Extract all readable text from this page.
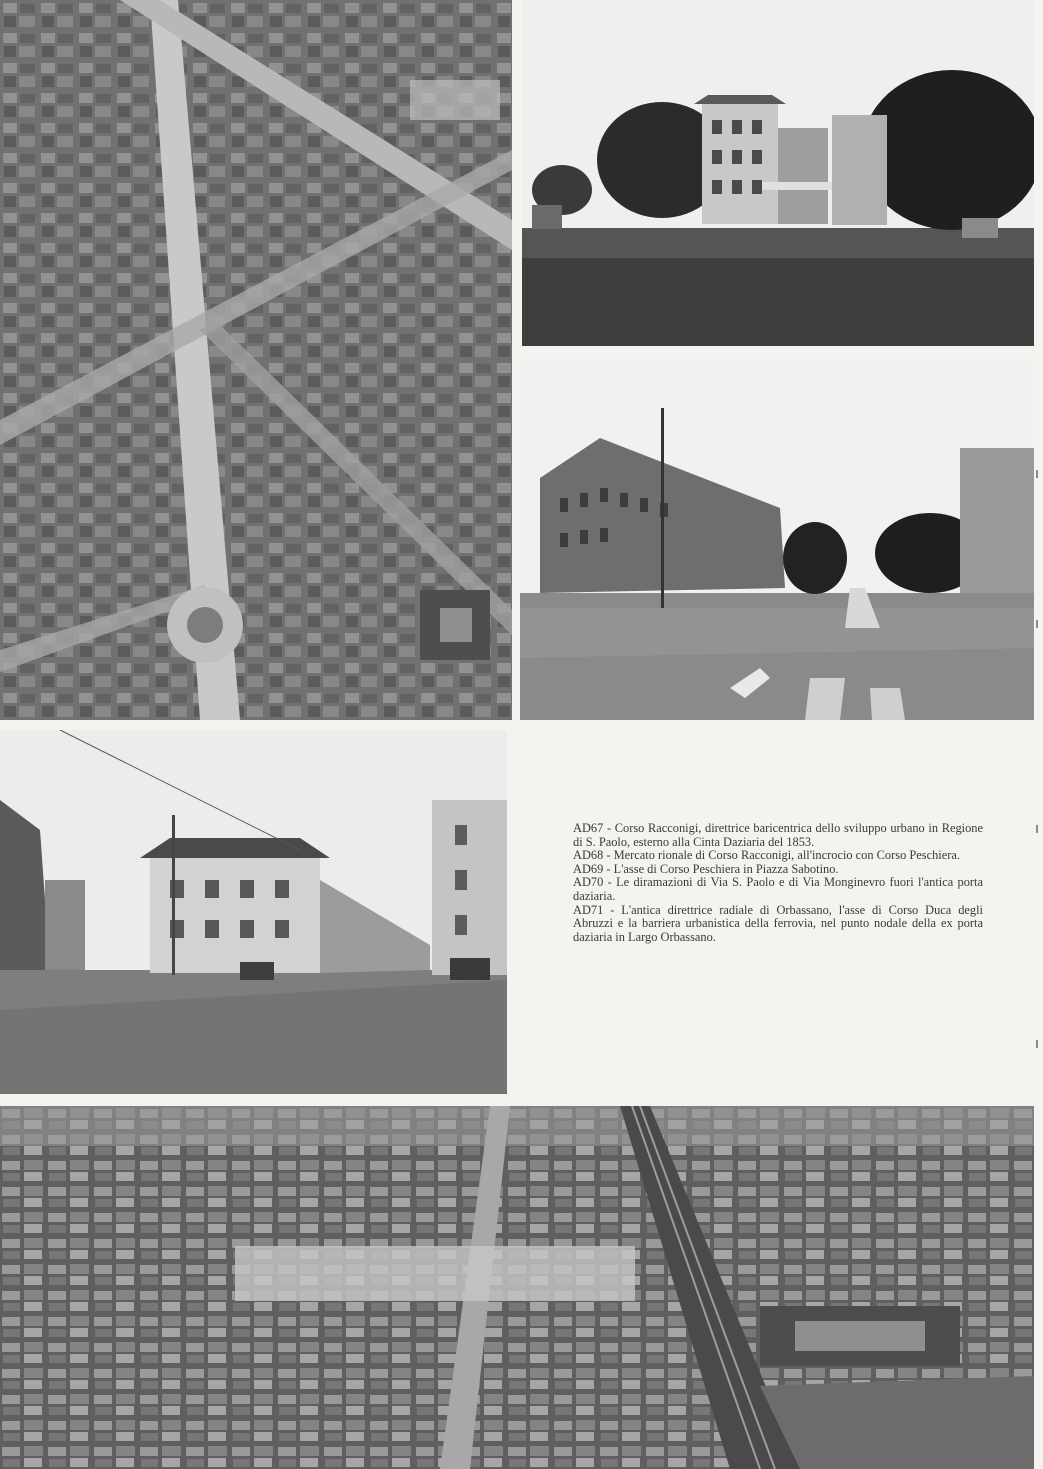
AD67 - Corso Racconigi, direttrice baricentrica dello sviluppo urbano in Regione di S. Paolo, esterno alla Cinta Daziaria del 1853.

AD68 - Mercato rionale di Corso Racconigi, all'incrocio con Corso Peschiera.

AD69 - L'asse di Corso Peschiera in Piazza Sabotino.

AD70 - Le diramazioni di Via S. Paolo e di Via Monginevro fuori l'antica porta daziaria.

AD71 - L'antica direttrice radiale di Orbassano, l'asse di Corso Duca degli Abruzzi e la barriera urbanistica della ferrovia, nel punto nodale della ex porta daziaria in Largo Orbassano.
